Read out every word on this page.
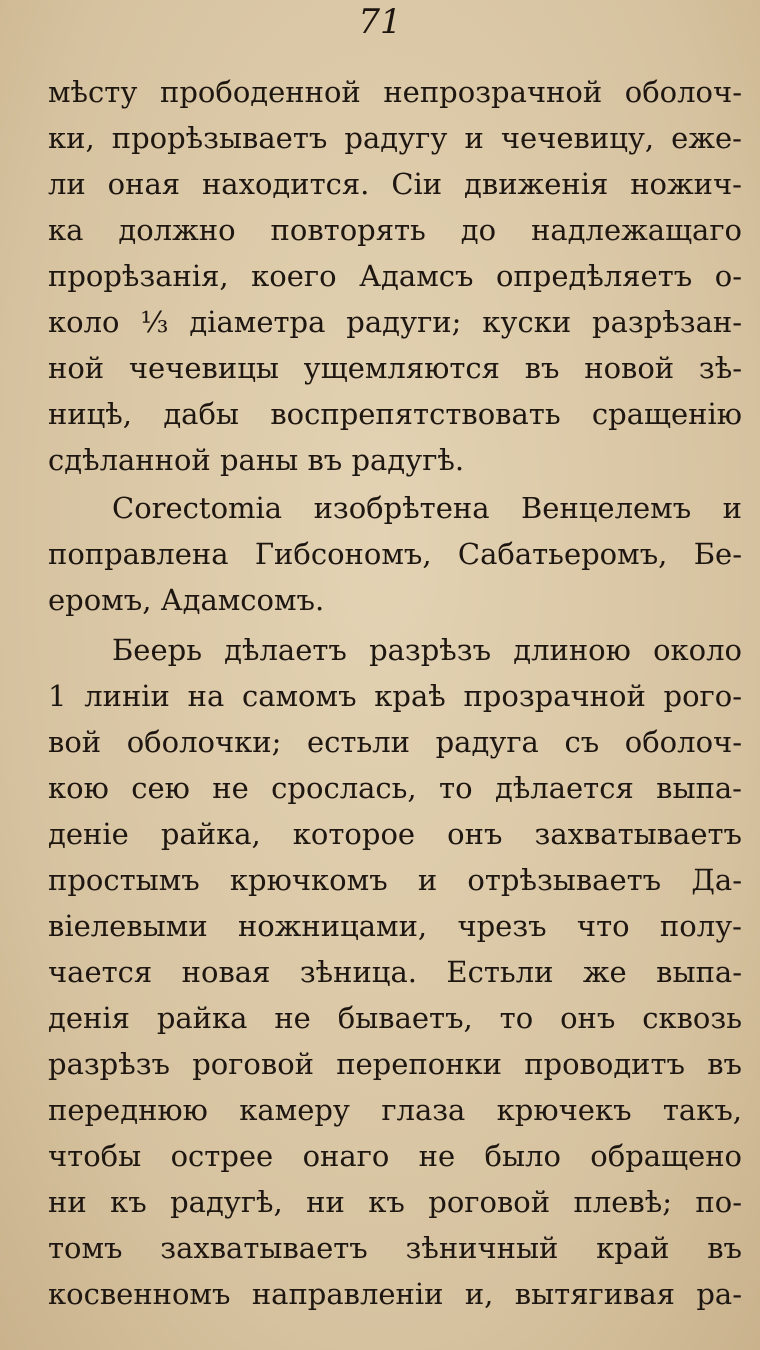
71
мѣсту прободенной непрозрачной оболоч-
ки, прорѣзываетъ радугу и чечевицу, еже-
ли оная находится. Сіи движенія ножич-
ка должно повторять до надлежащаго
прорѣзанія, коего Адамсъ опредѣляетъ о-
коло ⅓ діаметра радуги; куски разрѣзан-
ной чечевицы ущемляются въ новой зѣ-
ницѣ, дабы воспрепятствовать сращенію
сдѣланной раны въ радугѣ.
Corectomia изобрѣтена Венцелемъ и
поправлена Гибсономъ, Сабатьеромъ, Бе-
еромъ, Адамсомъ.
Беерь дѣлаетъ разрѣзъ длиною около
1 линіи на самомъ краѣ прозрачной рого-
вой оболочки; естьли радуга съ оболоч-
кою сею не срослась, то дѣлается выпа-
деніе райка, которое онъ захватываетъ
простымъ крючкомъ и отрѣзываетъ Да-
віелевыми ножницами, чрезъ что полу-
чается новая зѣница. Естьли же выпа-
денія райка не бываетъ, то онъ сквозь
разрѣзъ роговой перепонки проводитъ въ
переднюю камеру глаза крючекъ такъ,
чтобы острее онаго не было обращено
ни къ радугѣ, ни къ роговой плевѣ; по-
томъ захватываетъ зѣничный край въ
косвенномъ направленіи и, вытягивая ра-
